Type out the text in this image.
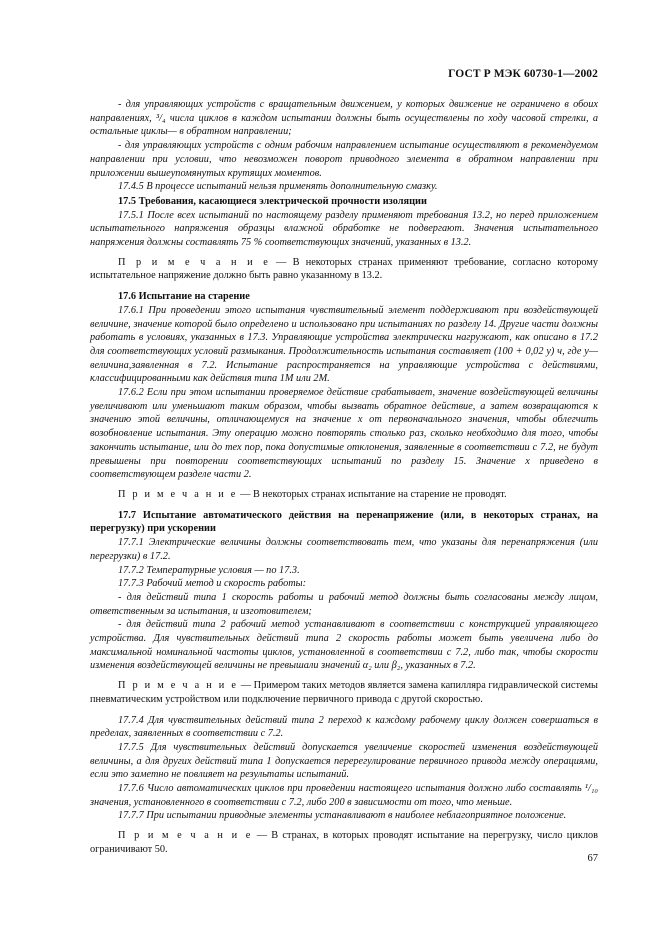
ГОСТ Р МЭК 60730-1—2002

- для управляющих устройств с вращательным движением, у которых движение не ограничено в обоих направлениях, ³/₄ числа циклов в каждом испытании должны быть осуществлены по ходу часовой стрелки, а остальные циклы— в обратном направлении;

- для управляющих устройств с одним рабочим направлением испытание осуществляют в рекомендуемом направлении при условии, что невозможен поворот приводного элемента в обратном направлении при приложении вышеупомянутых крутящих моментов.

17.4.5 В процессе испытаний нельзя применять дополнительную смазку.

17.5 Требования, касающиеся электрической прочности изоляции

17.5.1 После всех испытаний по настоящему разделу применяют требования 13.2, но перед приложением испытательного напряжения образцы влажной обработке не подвергают. Значения испытательного напряжения должны составлять 75 % соответствующих значений, указанных в 13.2.

П р и м е ч а н и е — В некоторых странах применяют требование, согласно которому испытательное напряжение должно быть равно указанному в 13.2.

17.6 Испытание на старение

17.6.1 При проведении этого испытания чувствительный элемент поддерживают при воздействующей величине, значение которой было определено и использовано при испытаниях по разделу 14. Другие части должны работать в условиях, указанных в 17.3. Управляющие устройства электрически нагружают, как описано в 17.2 для соответствующих условий размыкания. Продолжительность испытания составляет (100 + 0,02 y) ч, где y— величина,заявленная в 7.2. Испытание распространяется на управляющие устройства с действиями, классифицированными как действия типа 1М или 2М.

17.6.2 Если при этом испытании проверяемое действие срабатывает, значение воздействующей величины увеличивают или уменьшают таким образом, чтобы вызвать обратное действие, а затем возвращаются к значению этой величины, отличающемуся на значение x от первоначального значения, чтобы облегчить возобновление испытания. Эту операцию можно повторять столько раз, сколько необходимо для того, чтобы закончить испытание, или до тех пор, пока допустимые отклонения, заявленные в соответствии с 7.2, не будут превышены при повторении соответствующих испытаний по разделу 15. Значение x приведено в соответствующем разделе части 2.

П р и м е ч а н и е — В некоторых странах испытание на старение не проводят.

17.7 Испытание автоматического действия на перенапряжение (или, в некоторых странах, на перегрузку) при ускорении

17.7.1 Электрические величины должны соответствовать тем, что указаны для перенапряжения (или перегрузки) в 17.2.

17.7.2 Температурные условия — по 17.3.

17.7.3 Рабочий метод и скорость работы:

- для действий типа 1 скорость работы и рабочий метод должны быть согласованы между лицом, ответственным за испытания, и изготовителем;

- для действий типа 2 рабочий метод устанавливают в соответствии с конструкцией управляющего устройства. Для чувствительных действий типа 2 скорость работы может быть увеличена либо до максимальной номинальной частоты циклов, установленной в соответствии с 7.2, либо так, чтобы скорости изменения воздействующей величины не превышали значений α₂ или β₂, указанных в 7.2.

П р и м е ч а н и е — Примером таких методов является замена капилляра гидравлической системы пневматическим устройством или подключение первичного привода с другой скоростью.

17.7.4 Для чувствительных действий типа 2 переход к каждому рабочему циклу должен совершаться в пределах, заявленных в соответствии с 7.2.

17.7.5 Для чувствительных действий допускается увеличение скоростей изменения воздействующей величины, а для других действий типа 1 допускается перерегулирование первичного привода между операциями, если это заметно не повлияет на результаты испытаний.

17.7.6 Число автоматических циклов при проведении настоящего испытания должно либо составлять ¹/₁₀ значения, установленного в соответствии с 7.2, либо 200 в зависимости от того, что меньше.

17.7.7 При испытании приводные элементы устанавливают в наиболее неблагоприятное положение.

П р и м е ч а н и е — В странах, в которых проводят испытание на перегрузку, число циклов ограничивают 50.

67
